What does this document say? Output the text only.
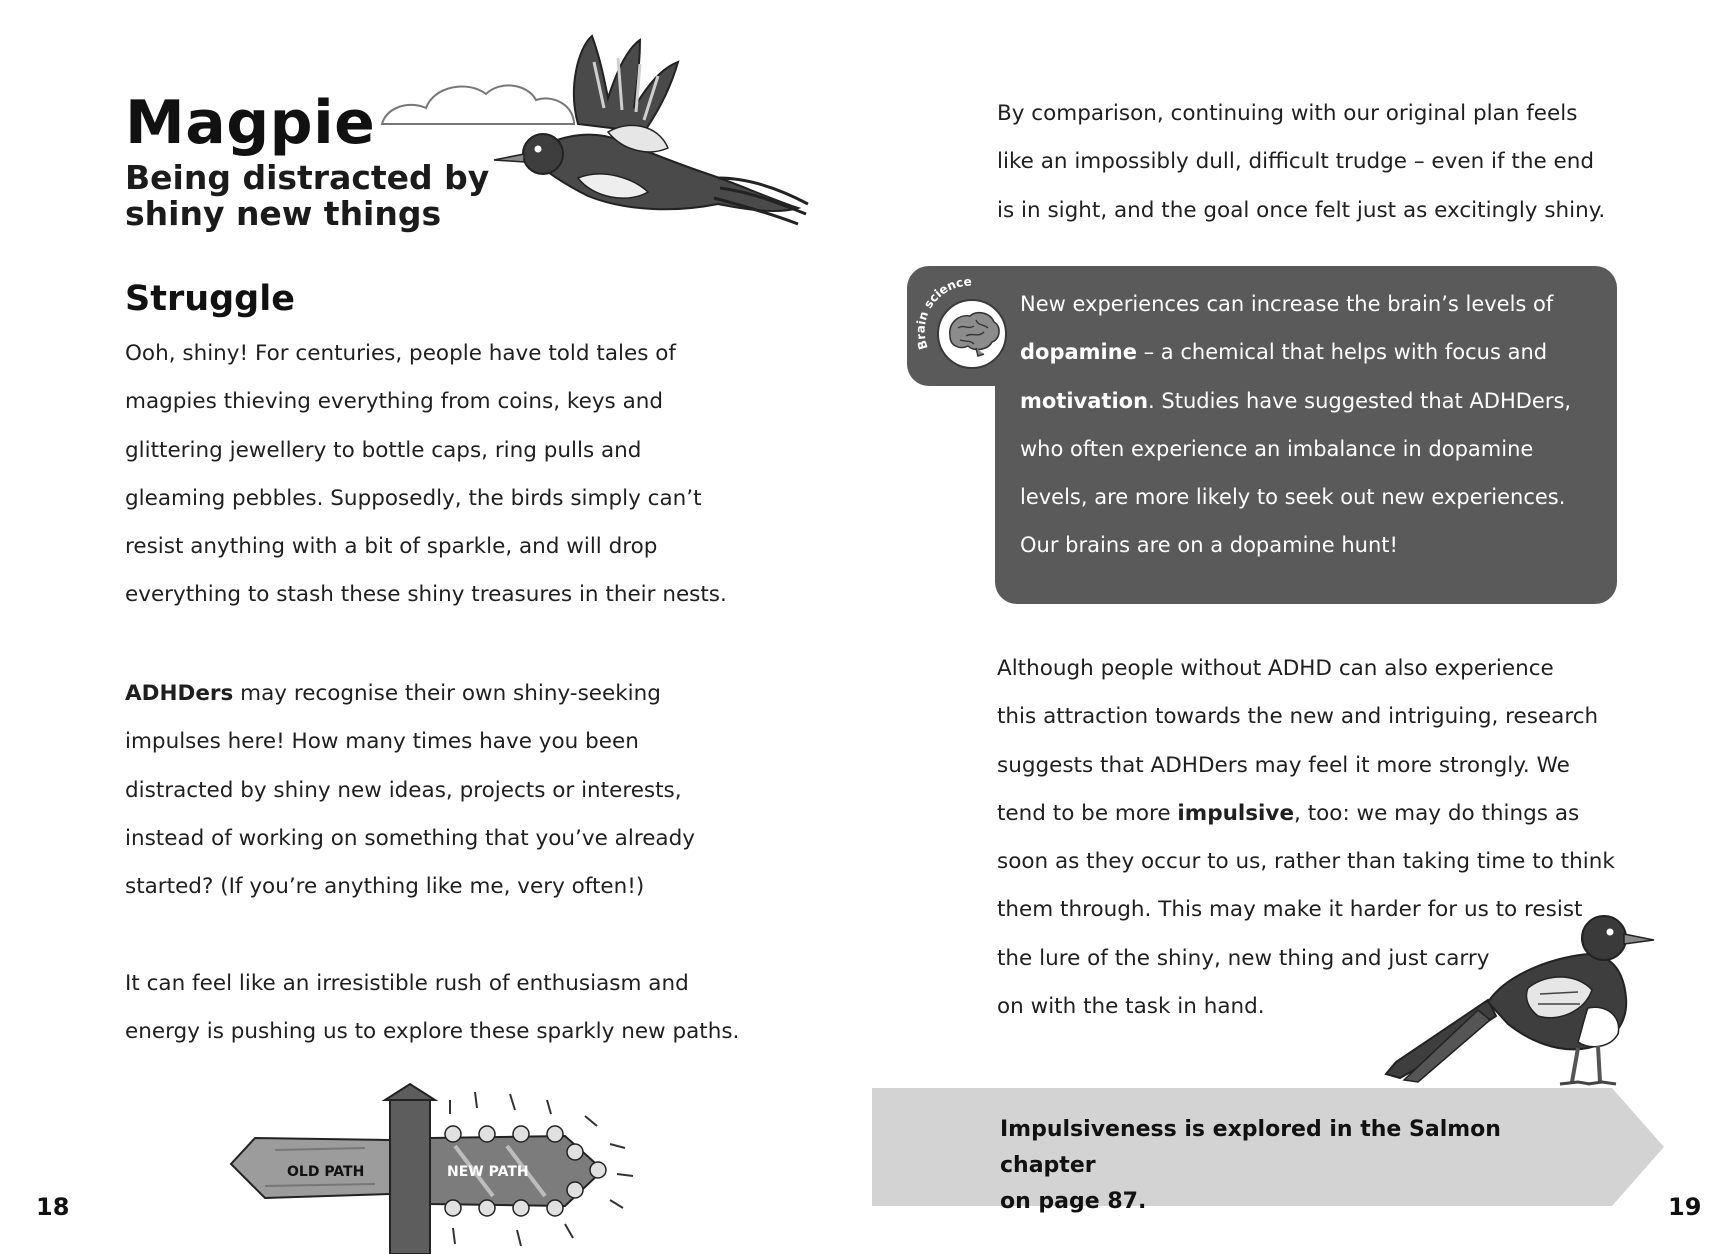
Magpie
Being distracted by
shiny new things
Struggle
Ooh, shiny! For centuries, people have told tales of
magpies thieving everything from coins, keys and
glittering jewellery to bottle caps, ring pulls and
gleaming pebbles. Supposedly, the birds simply can’t
resist anything with a bit of sparkle, and will drop
everything to stash these shiny treasures in their nests.
ADHDers may recognise their own shiny-seeking
impulses here! How many times have you been
distracted by shiny new ideas, projects or interests,
instead of working on something that you’ve already
started? (If you’re anything like me, very often!)
It can feel like an irresistible rush of enthusiasm and
energy is pushing us to explore these sparkly new paths.
OLD PATH	NEW PATH

18

By comparison, continuing with our original plan feels
like an impossibly dull, difficult trudge – even if the end
is in sight, and the goal once felt just as excitingly shiny.
Brain science
New experiences can increase the brain’s levels of
dopamine – a chemical that helps with focus and
motivation. Studies have suggested that ADHDers,
who often experience an imbalance in dopamine
levels, are more likely to seek out new experiences.
Our brains are on a dopamine hunt!
Although people without ADHD can also experience
this attraction towards the new and intriguing, research
suggests that ADHDers may feel it more strongly. We
tend to be more impulsive, too: we may do things as
soon as they occur to us, rather than taking time to think
them through. This may make it harder for us to resist
the lure of the shiny, new thing and just carry
on with the task in hand.
Impulsiveness is explored in the Salmon chapter
on page 87.	19
